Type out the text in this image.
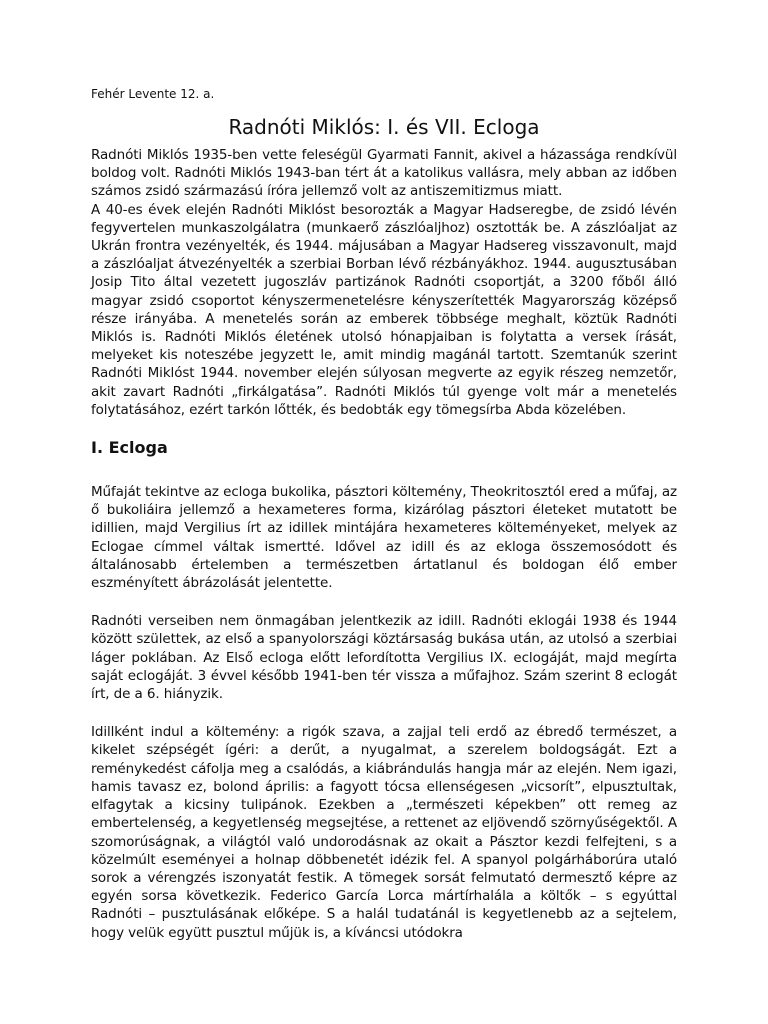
Fehér Levente 12. a.

Radnóti Miklós: I. és VII. Ecloga

Radnóti Miklós 1935-ben vette feleségül Gyarmati Fannit, akivel a házassága rendkívül boldog volt. Radnóti Miklós 1943-ban tért át a katolikus vallásra, mely abban az időben számos zsidó származású íróra jellemző volt az antiszemitizmus miatt.

A 40-es évek elején Radnóti Miklóst besorozták a Magyar Hadseregbe, de zsidó lévén fegyvertelen munkaszolgálatra (munkaerő zászlóaljhoz) osztották be. A zászlóaljat az Ukrán frontra vezényelték, és 1944. májusában a Magyar Hadsereg visszavonult, majd a zászlóaljat átvezényelték a szerbiai Borban lévő rézbányákhoz. 1944. augusztusában Josip Tito által vezetett jugoszláv partizánok Radnóti csoportját, a 3200 főből álló magyar zsidó csoportot kényszermenetelésre kényszerítették Magyarország középső része irányába. A menetelés során az emberek többsége meghalt, köztük Radnóti Miklós is. Radnóti Miklós életének utolsó hónapjaiban is folytatta a versek írását, melyeket kis noteszébe jegyzett le, amit mindig magánál tartott. Szemtanúk szerint Radnóti Miklóst 1944. november elején súlyosan megverte az egyik részeg nemzetőr, akit zavart Radnóti „firkálgatása”. Radnóti Miklós túl gyenge volt már a menetelés folytatásához, ezért tarkón lőtték, és bedobták egy tömegsírba Abda közelében.

I. Ecloga

Műfaját tekintve az ecloga bukolika, pásztori költemény, Theokritosztól ered a műfaj, az ő bukoliáira jellemző a hexameteres forma, kizárólag pásztori életeket mutatott be idillien, majd Vergilius írt az idillek mintájára hexameteres költeményeket, melyek az Eclogae címmel váltak ismertté. Idővel az idill és az ekloga összemosódott és általánosabb értelemben a természetben ártatlanul és boldogan élő ember eszményített ábrázolását jelentette.

Radnóti verseiben nem önmagában jelentkezik az idill. Radnóti eklogái 1938 és 1944 között születtek, az első a spanyolországi köztársaság bukása után, az utolsó a szerbiai láger poklában. Az Első ecloga előtt lefordította Vergilius IX. eclogáját, majd megírta saját eclogáját. 3 évvel később 1941-ben tér vissza a műfajhoz. Szám szerint 8 eclogát írt, de a 6. hiányzik.

Idillként indul a költemény: a rigók szava, a zajjal teli erdő az ébredő természet, a kikelet szépségét ígéri: a derűt, a nyugalmat, a szerelem boldogságát. Ezt a reménykedést cáfolja meg a csalódás, a kiábrándulás hangja már az elején. Nem igazi, hamis tavasz ez, bolond április: a fagyott tócsa ellenségesen „vicsorít”, elpusztultak, elfagytak a kicsiny tulipánok. Ezekben a „természeti képekben” ott remeg az embertelenség, a kegyetlenség megsejtése, a rettenet az eljövendő szörnyűségektől. A szomorúságnak, a világtól való undorodásnak az okait a Pásztor kezdi felfejteni, s a közelmúlt eseményei a holnap döbbenetét idézik fel. A spanyol polgárháborúra utaló sorok a vérengzés iszonyatát festik. A tömegek sorsát felmutató dermesztő képre az egyén sorsa következik. Federico García Lorca mártírhalála a költők – s egyúttal Radnóti – pusztulásának előképe. S a halál tudatánál is kegyetlenebb az a sejtelem, hogy velük együtt pusztul műjük is, a kíváncsi utódokra
